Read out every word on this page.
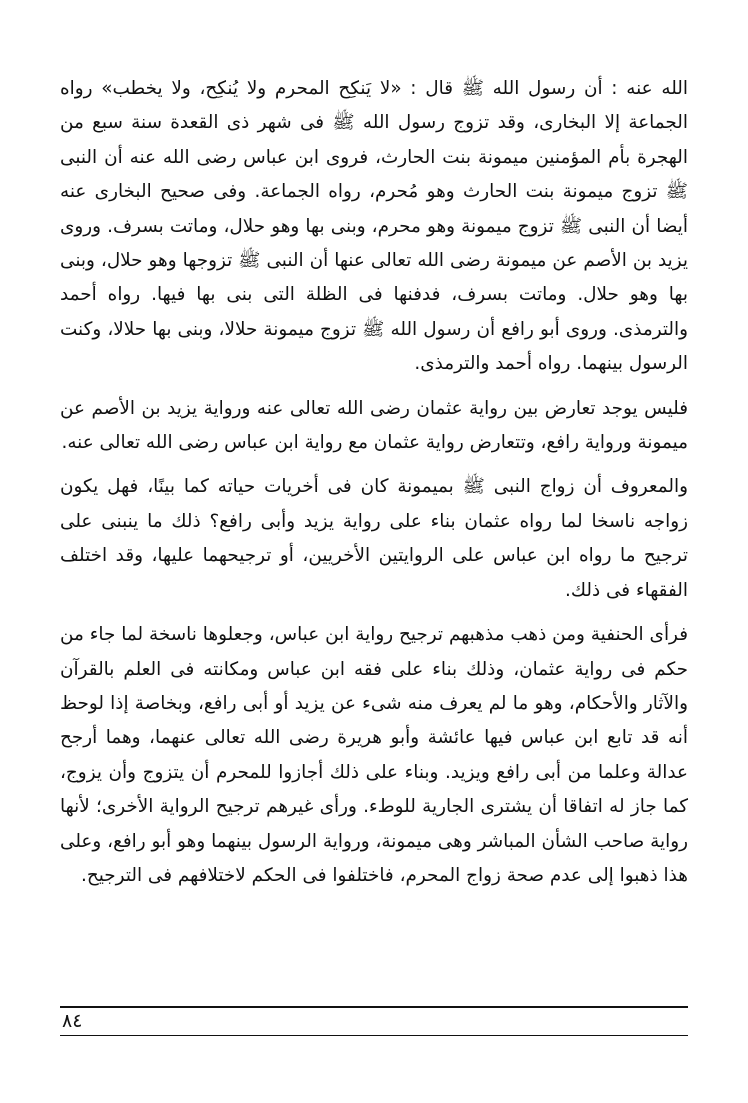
الله عنه : أن رسول الله ﷺ قال : «لا يَنكِح المحرم ولا يُنكِح، ولا يخطب» رواه الجماعة إلا البخارى، وقد تزوج رسول الله ﷺ فى شهر ذى القعدة سنة سبع من الهجرة بأم المؤمنين ميمونة بنت الحارث، فروى ابن عباس رضى الله عنه أن النبى ﷺ تزوج ميمونة بنت الحارث وهو مُحرم، رواه الجماعة. وفى صحيح البخارى عنه أيضا أن النبى ﷺ تزوج ميمونة وهو محرم، وبنى بها وهو حلال، وماتت بسرف. وروى يزيد بن الأصم عن ميمونة رضى الله تعالى عنها أن النبى ﷺ تزوجها وهو حلال، وبنى بها وهو حلال. وماتت بسرف، فدفنها فى الظلة التى بنى بها فيها. رواه أحمد والترمذى. وروى أبو رافع أن رسول الله ﷺ تزوج ميمونة حلالا، وبنى بها حلالا، وكنت الرسول بينهما. رواه أحمد والترمذى.

فليس يوجد تعارض بين رواية عثمان رضى الله تعالى عنه ورواية يزيد بن الأصم عن ميمونة ورواية رافع، وتتعارض رواية عثمان مع رواية ابن عباس رضى الله تعالى عنه.

والمعروف أن زواج النبى ﷺ بميمونة كان فى أخريات حياته كما بينًا، فهل يكون زواجه ناسخا لما رواه عثمان بناء على رواية يزيد وأبى رافع؟ ذلك ما ينبنى على ترجيح ما رواه ابن عباس على الروايتين الأخريين، أو ترجيحهما عليها، وقد اختلف الفقهاء فى ذلك.

فرأى الحنفية ومن ذهب مذهبهم ترجيح رواية ابن عباس، وجعلوها ناسخة لما جاء من حكم فى رواية عثمان، وذلك بناء على فقه ابن عباس ومكانته فى العلم بالقرآن والآثار والأحكام، وهو ما لم يعرف منه شىء عن يزيد أو أبى رافع، وبخاصة إذا لوحظ أنه قد تابع ابن عباس فيها عائشة وأبو هريرة رضى الله تعالى عنهما، وهما أرجح عدالة وعلما من أبى رافع ويزيد. وبناء على ذلك أجازوا للمحرم أن يتزوج وأن يزوج، كما جاز له اتفاقا أن يشترى الجارية للوطء. ورأى غيرهم ترجيح الرواية الأخرى؛ لأنها رواية صاحب الشأن المباشر وهى ميمونة، ورواية الرسول بينهما وهو أبو رافع، وعلى هذا ذهبوا إلى عدم صحة زواج المحرم، فاختلفوا فى الحكم لاختلافهم فى الترجيح.

٨٤
